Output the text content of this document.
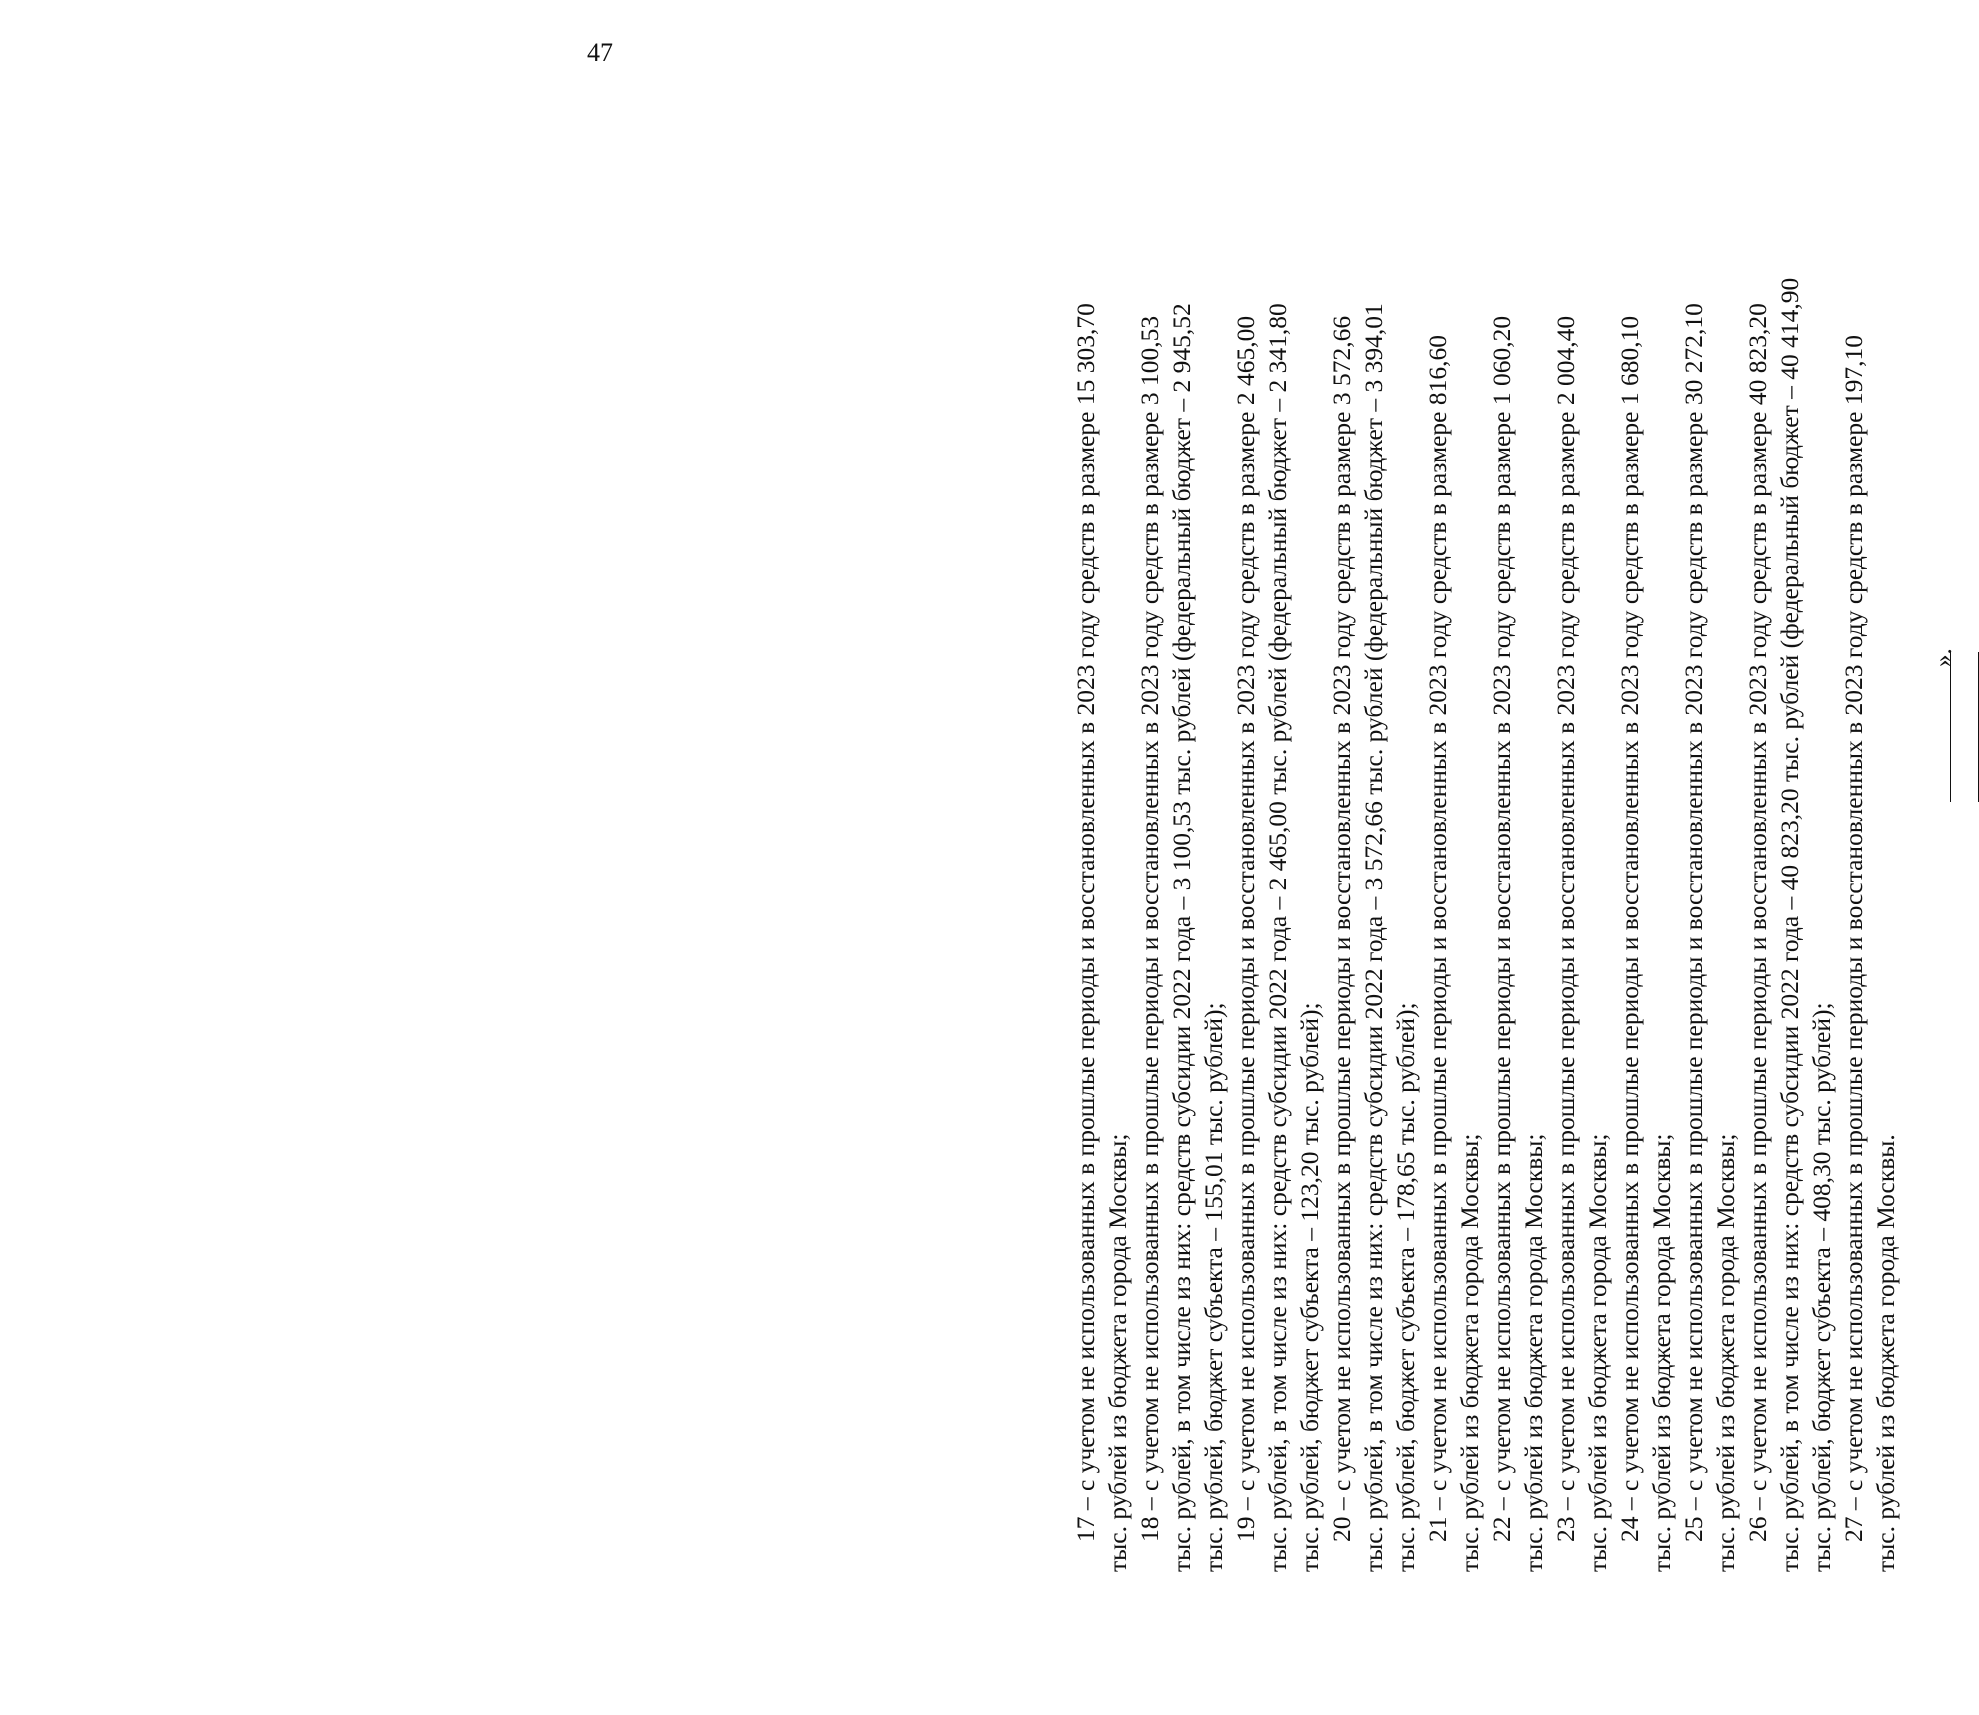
47
17 – с учетом не использованных в прошлые периоды и восстановленных в 2023 году средств в размере 15 303,70 тыс. рублей из бюджета города Москвы; 18 – с учетом не использованных в прошлые периоды и восстановленных в 2023 году средств в размере 3 100,53 тыс. рублей, в том числе из них: средств субсидии 2022 года – 3 100,53 тыс. рублей (федеральный бюджет – 2 945,52 тыс. рублей, бюджет субъекта – 155,01 тыс. рублей); 19 – с учетом не использованных в прошлые периоды и восстановленных в 2023 году средств в размере 2 465,00 тыс. рублей, в том числе из них: средств субсидии 2022 года – 2 465,00 тыс. рублей (федеральный бюджет – 2 341,80 тыс. рублей, бюджет субъекта – 123,20 тыс. рублей); 20 – с учетом не использованных в прошлые периоды и восстановленных в 2023 году средств в размере 3 572,66 тыс. рублей, в том числе из них: средств субсидии 2022 года – 3 572,66 тыс. рублей (федеральный бюджет – 3 394,01 тыс. рублей, бюджет субъекта – 178,65 тыс. рублей); 21 – с учетом не использованных в прошлые периоды и восстановленных в 2023 году средств в размере 816,60 тыс. рублей из бюджета города Москвы; 22 – с учетом не использованных в прошлые периоды и восстановленных в 2023 году средств в размере 1 060,20 тыс. рублей из бюджета города Москвы; 23 – с учетом не использованных в прошлые периоды и восстановленных в 2023 году средств в размере 2 004,40 тыс. рублей из бюджета города Москвы; 24 – с учетом не использованных в прошлые периоды и восстановленных в 2023 году средств в размере 1 680,10 тыс. рублей из бюджета города Москвы; 25 – с учетом не использованных в прошлые периоды и восстановленных в 2023 году средств в размере 30 272,10 тыс. рублей из бюджета города Москвы; 26 – с учетом не использованных в прошлые периоды и восстановленных в 2023 году средств в размере 40 823,20 тыс. рублей, в том числе из них: средств субсидии 2022 года – 40 823,20 тыс. рублей (федеральный бюджет – 40 414,90 тыс. рублей, бюджет субъекта – 408,30 тыс. рублей); 27 – с учетом не использованных в прошлые периоды и восстановленных в 2023 году средств в размере 197,10 тыс. рублей из бюджета города Москвы.
».
